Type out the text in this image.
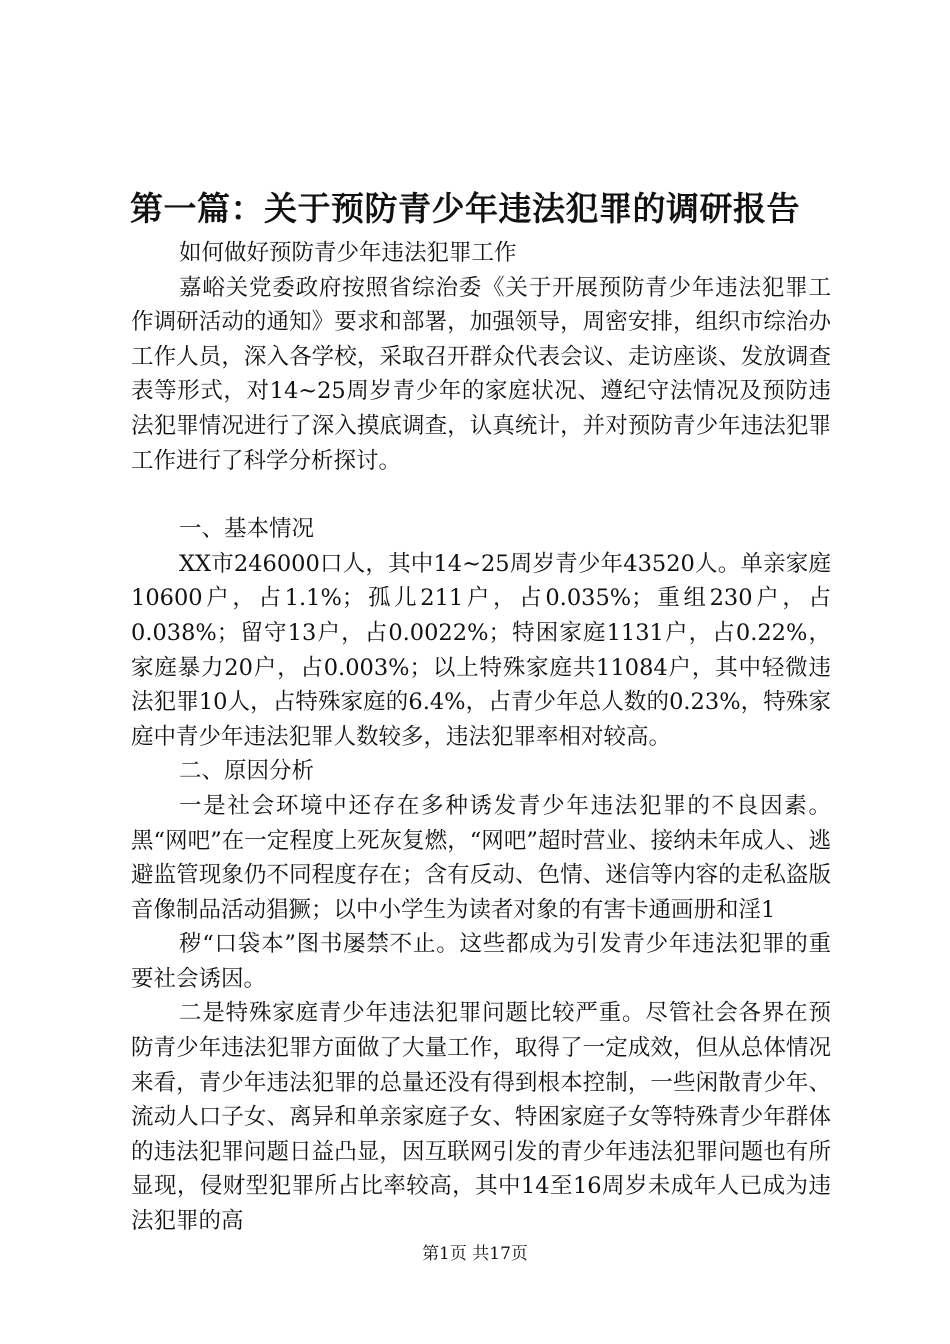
第一篇：关于预防青少年违法犯罪的调研报告

如何做好预防青少年违法犯罪工作

嘉峪关党委政府按照省综治委《关于开展预防青少年违法犯罪工作调研活动的通知》要求和部署，加强领导，周密安排，组织市综治办工作人员，深入各学校，采取召开群众代表会议、走访座谈、发放调查表等形式，对14~25周岁青少年的家庭状况、遵纪守法情况及预防违法犯罪情况进行了深入摸底调查，认真统计，并对预防青少年违法犯罪工作进行了科学分析探讨。

一、基本情况

XX市246000口人，其中14~25周岁青少年43520人。单亲家庭10600户，占1.1%；孤儿211户，占0.035%；重组230户，占0.038%；留守13户，占0.0022%；特困家庭1131户，占0.22%，家庭暴力20户，占0.003%；以上特殊家庭共11084户，其中轻微违法犯罪10人，占特殊家庭的6.4%，占青少年总人数的0.23%，特殊家庭中青少年违法犯罪人数较多，违法犯罪率相对较高。

二、原因分析

一是社会环境中还存在多种诱发青少年违法犯罪的不良因素。黑“网吧”在一定程度上死灰复燃，“网吧”超时营业、接纳未年成人、逃避监管现象仍不同程度存在；含有反动、色情、迷信等内容的走私盗版音像制品活动猖獗；以中小学生为读者对象的有害卡通画册和淫1

秽“口袋本”图书屡禁不止。这些都成为引发青少年违法犯罪的重要社会诱因。

二是特殊家庭青少年违法犯罪问题比较严重。尽管社会各界在预防青少年违法犯罪方面做了大量工作，取得了一定成效，但从总体情况来看，青少年违法犯罪的总量还没有得到根本控制，一些闲散青少年、流动人口子女、离异和单亲家庭子女、特困家庭子女等特殊青少年群体的违法犯罪问题日益凸显，因互联网引发的青少年违法犯罪问题也有所显现，侵财型犯罪所占比率较高，其中14至16周岁未成年人已成为违法犯罪的高

第1页 共17页
